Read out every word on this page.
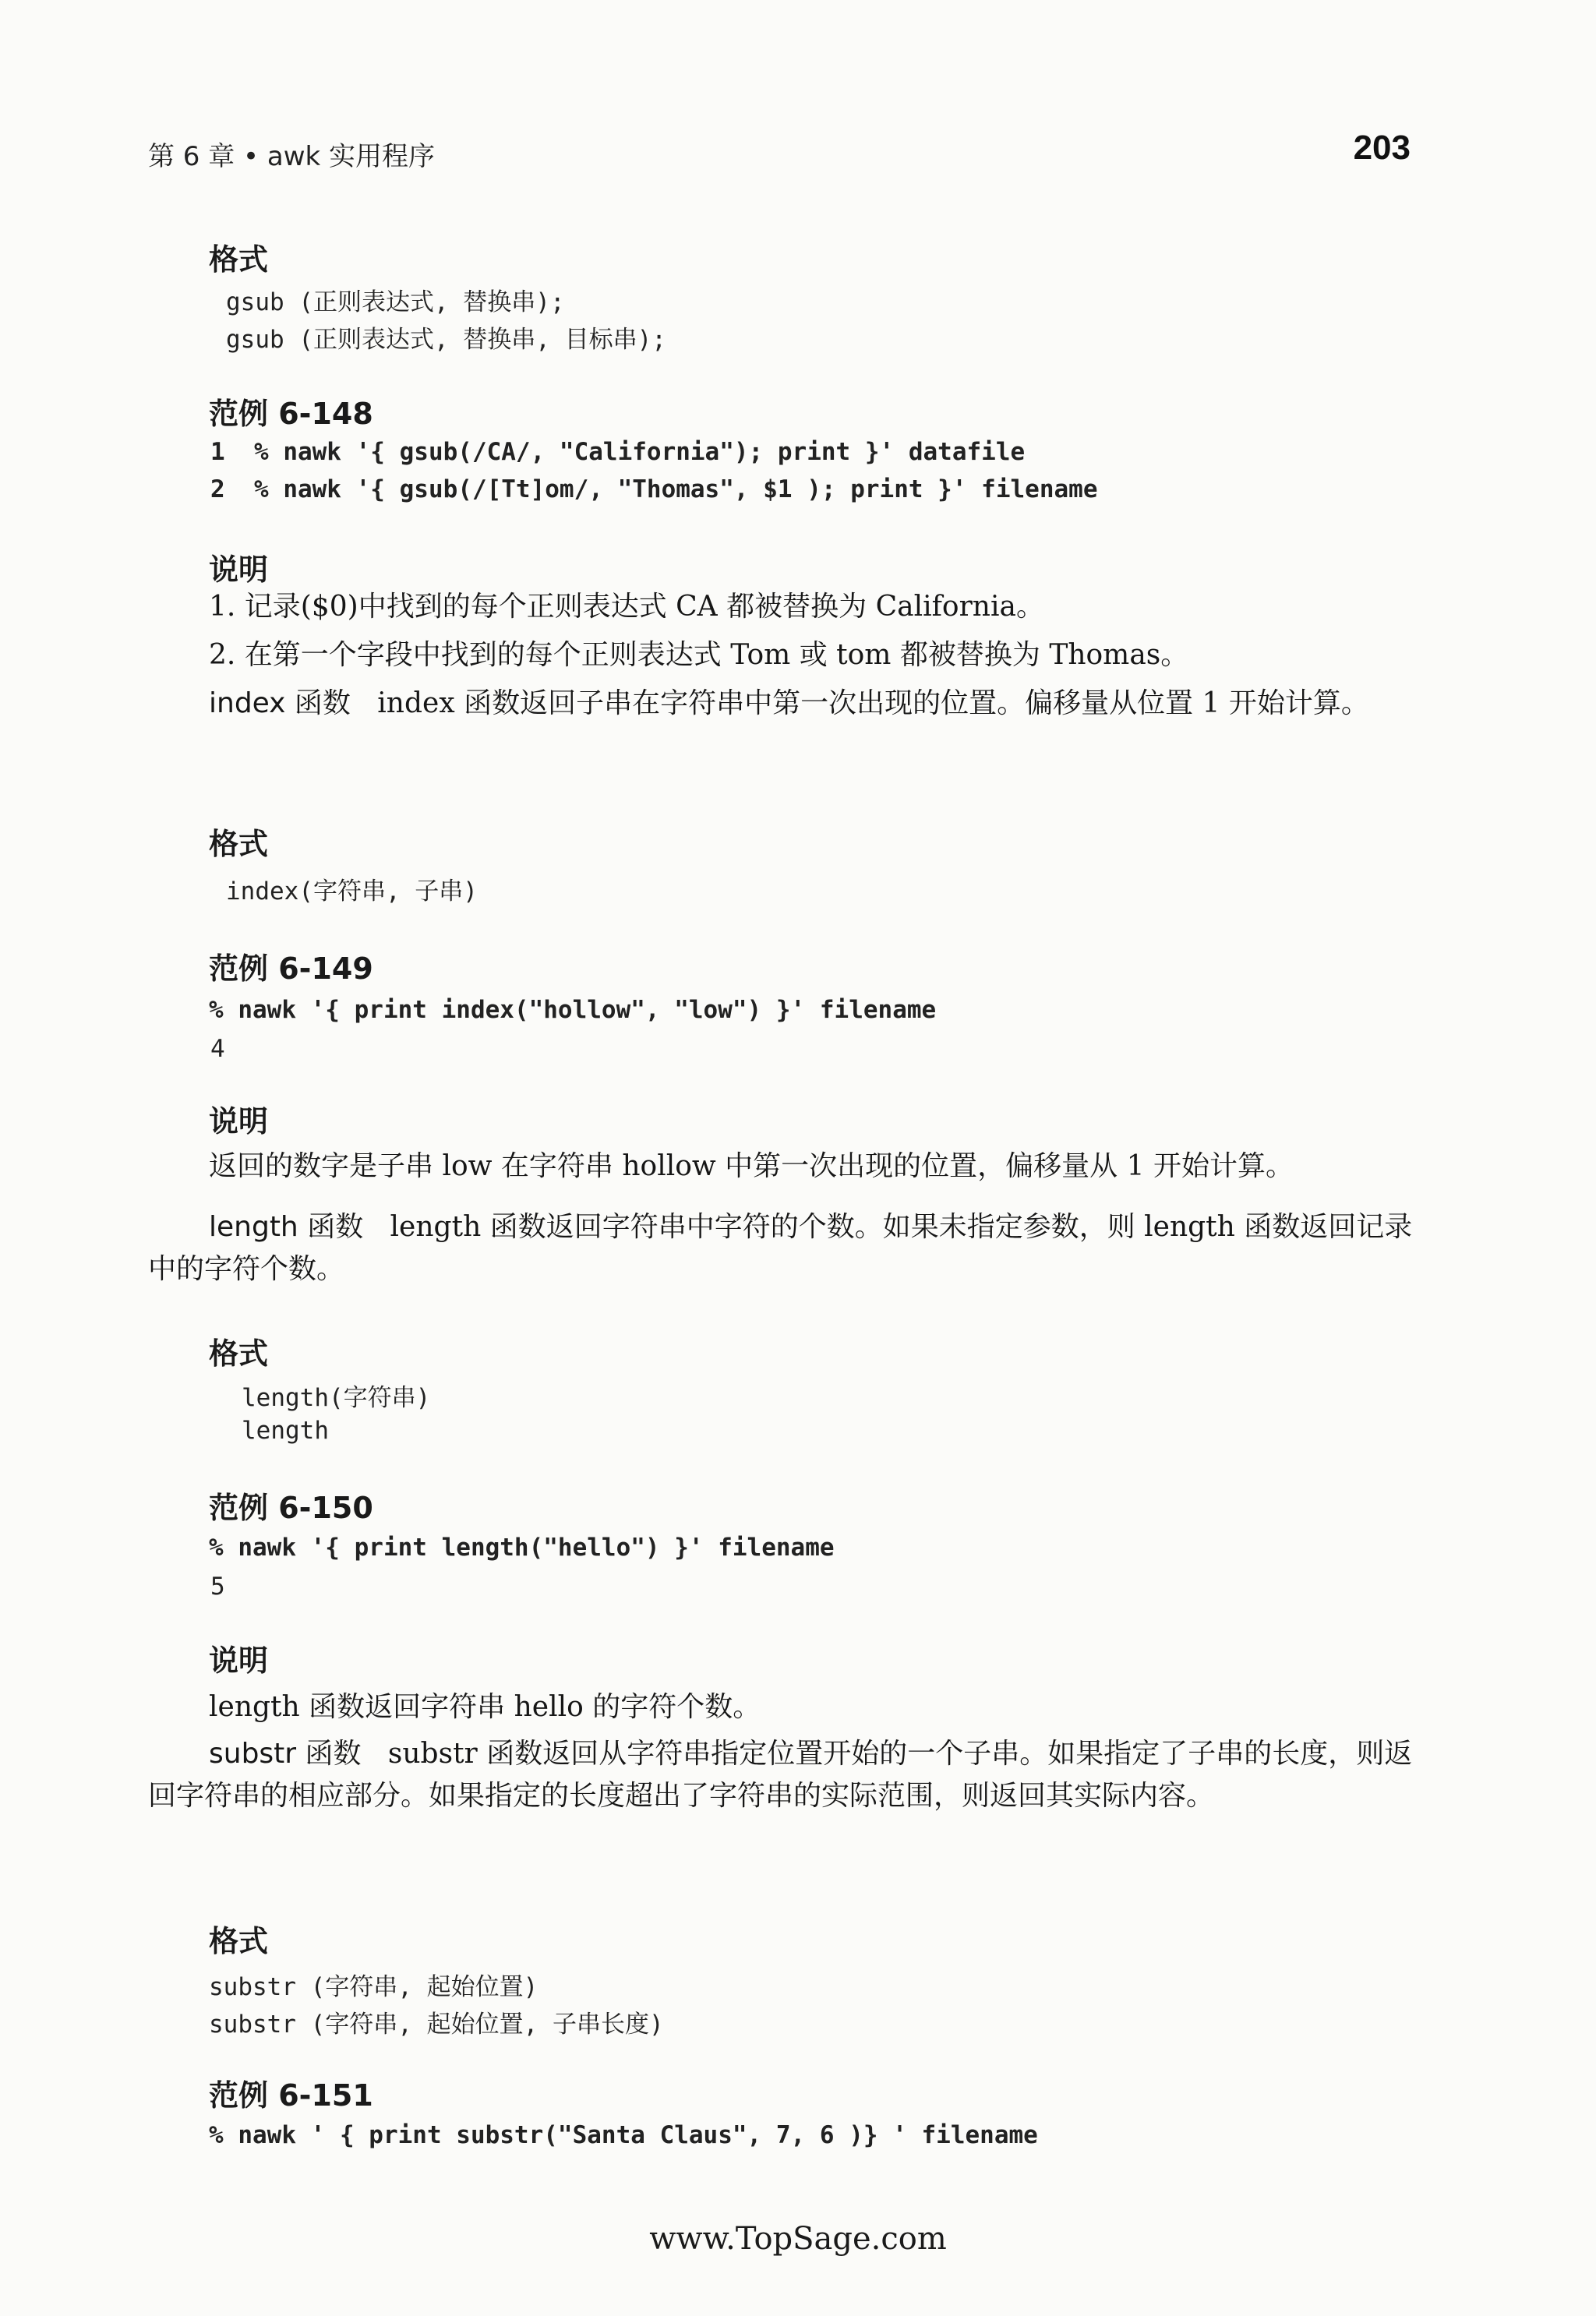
第 6 章 • awk 实用程序	203
格式
gsub (正则表达式, 替换串);
gsub (正则表达式, 替换串, 目标串);
范例 6-148
1  % nawk '{ gsub(/CA/, "California"); print }' datafile
2  % nawk '{ gsub(/[Tt]om/, "Thomas", $1 ); print }' filename
说明
1. 记录($0)中找到的每个正则表达式 CA 都被替换为 California。
2. 在第一个字段中找到的每个正则表达式 Tom 或 tom 都被替换为 Thomas。
index 函数 index 函数返回子串在字符串中第一次出现的位置。偏移量从位置 1 开始计算。
格式
index(字符串, 子串)
范例 6-149
% nawk '{ print index("hollow", "low") }' filename
4
说明
返回的数字是子串 low 在字符串 hollow 中第一次出现的位置，偏移量从 1 开始计算。
length 函数 length 函数返回字符串中字符的个数。如果未指定参数，则 length 函数返回记录中的字符个数。
格式
length(字符串)
length
范例 6-150
% nawk '{ print length("hello") }' filename
5
说明
length 函数返回字符串 hello 的字符个数。
substr 函数 substr 函数返回从字符串指定位置开始的一个子串。如果指定了子串的长度，则返回字符串的相应部分。如果指定的长度超出了字符串的实际范围，则返回其实际内容。
格式
substr (字符串, 起始位置)
substr (字符串, 起始位置, 子串长度)
范例 6-151
% nawk ' { print substr("Santa Claus", 7, 6 )} ' filename
www.TopSage.com
